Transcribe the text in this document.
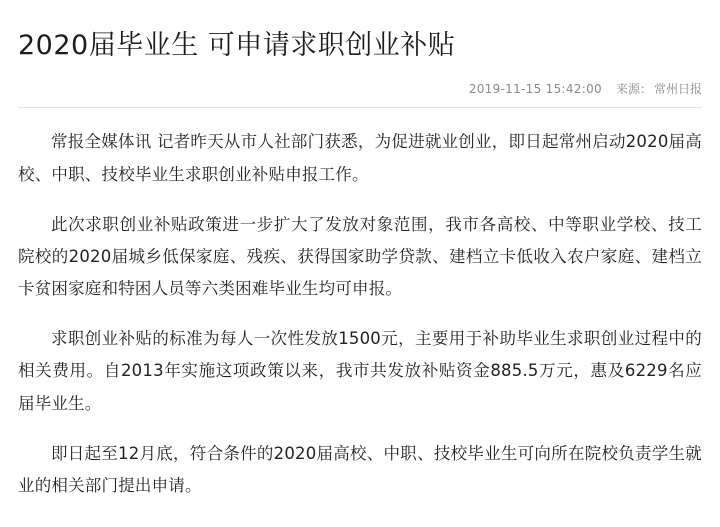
2020届毕业生 可申请求职创业补贴
2019-11-15 15:42:00 来源： 常州日报

常报全媒体讯 记者昨天从市人社部门获悉，为促进就业创业，即日起常州启动2020届高校、中职、技校毕业生求职创业补贴申报工作。

此次求职创业补贴政策进一步扩大了发放对象范围，我市各高校、中等职业学校、技工院校的2020届城乡低保家庭、残疾、获得国家助学贷款、建档立卡低收入农户家庭、建档立卡贫困家庭和特困人员等六类困难毕业生均可申报。

求职创业补贴的标准为每人一次性发放1500元，主要用于补助毕业生求职创业过程中的相关费用。自2013年实施这项政策以来，我市共发放补贴资金885.5万元，惠及6229名应届毕业生。

即日起至12月底，符合条件的2020届高校、中职、技校毕业生可向所在院校负责学生就业的相关部门提出申请。
